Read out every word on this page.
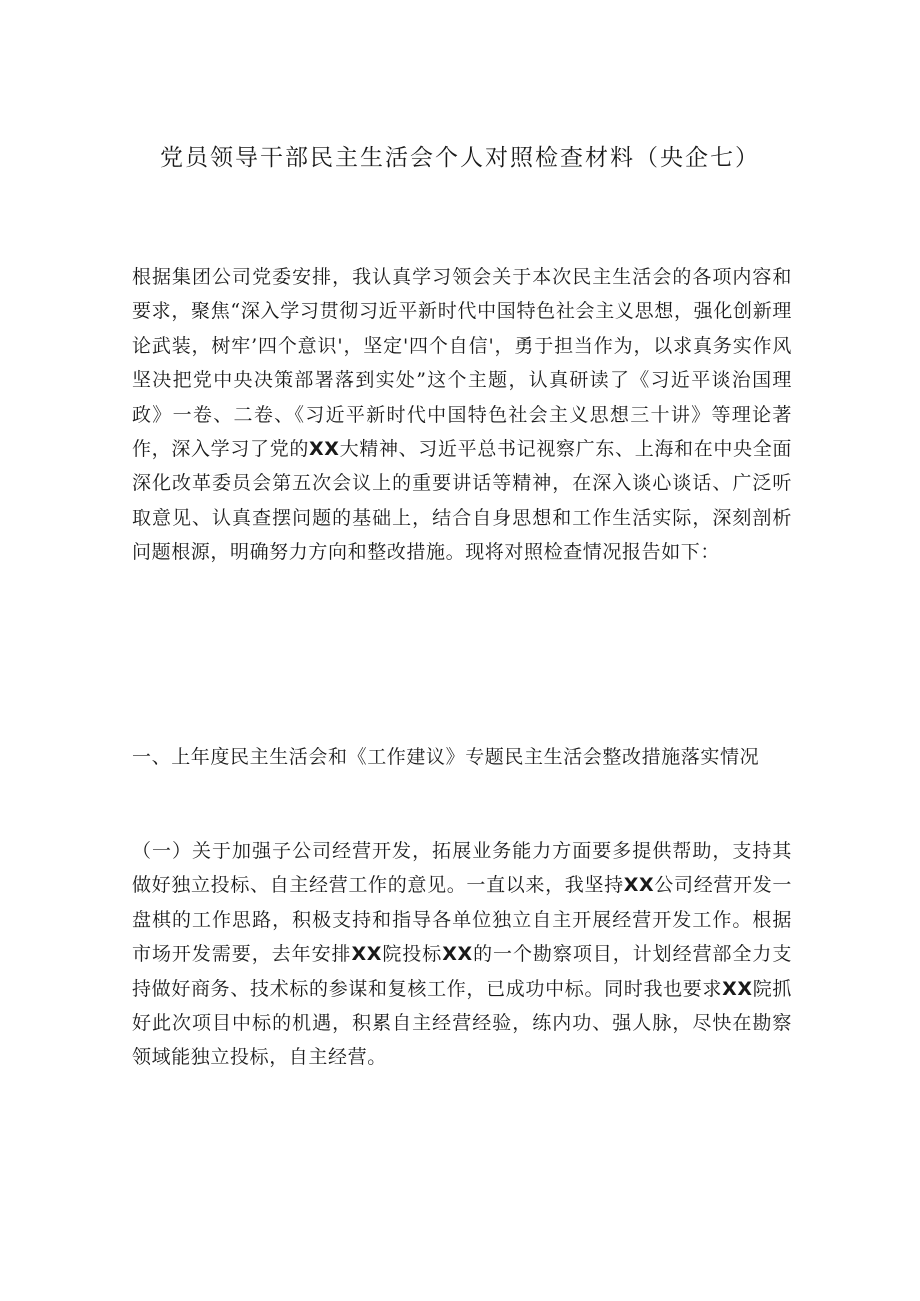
党员领导干部民主生活会个人对照检查材料（央企七）

根据集团公司党委安排，我认真学习领会关于本次民主生活会的各项内容和要求，聚焦“深入学习贯彻习近平新时代中国特色社会主义思想，强化创新理论武装，树牢’四个意识'，坚定'四个自信'，勇于担当作为，以求真务实作风坚决把党中央决策部署落到实处”这个主题，认真研读了《习近平谈治国理政》一卷、二卷、《习近平新时代中国特色社会主义思想三十讲》等理论著作，深入学习了党的XX大精神、习近平总书记视察广东、上海和在中央全面深化改革委员会第五次会议上的重要讲话等精神，在深入谈心谈话、广泛听取意见、认真查摆问题的基础上，结合自身思想和工作生活实际，深刻剖析问题根源，明确努力方向和整改措施。现将对照检查情况报告如下：

一、上年度民主生活会和《工作建议》专题民主生活会整改措施落实情况

（一）关于加强子公司经营开发，拓展业务能力方面要多提供帮助，支持其做好独立投标、自主经营工作的意见。一直以来，我坚持XX公司经营开发一盘棋的工作思路，积极支持和指导各单位独立自主开展经营开发工作。根据市场开发需要，去年安排XX院投标XX的一个勘察项目，计划经营部全力支持做好商务、技术标的参谋和复核工作，已成功中标。同时我也要求XX院抓好此次项目中标的机遇，积累自主经营经验，练内功、强人脉，尽快在勘察领域能独立投标，自主经营。
